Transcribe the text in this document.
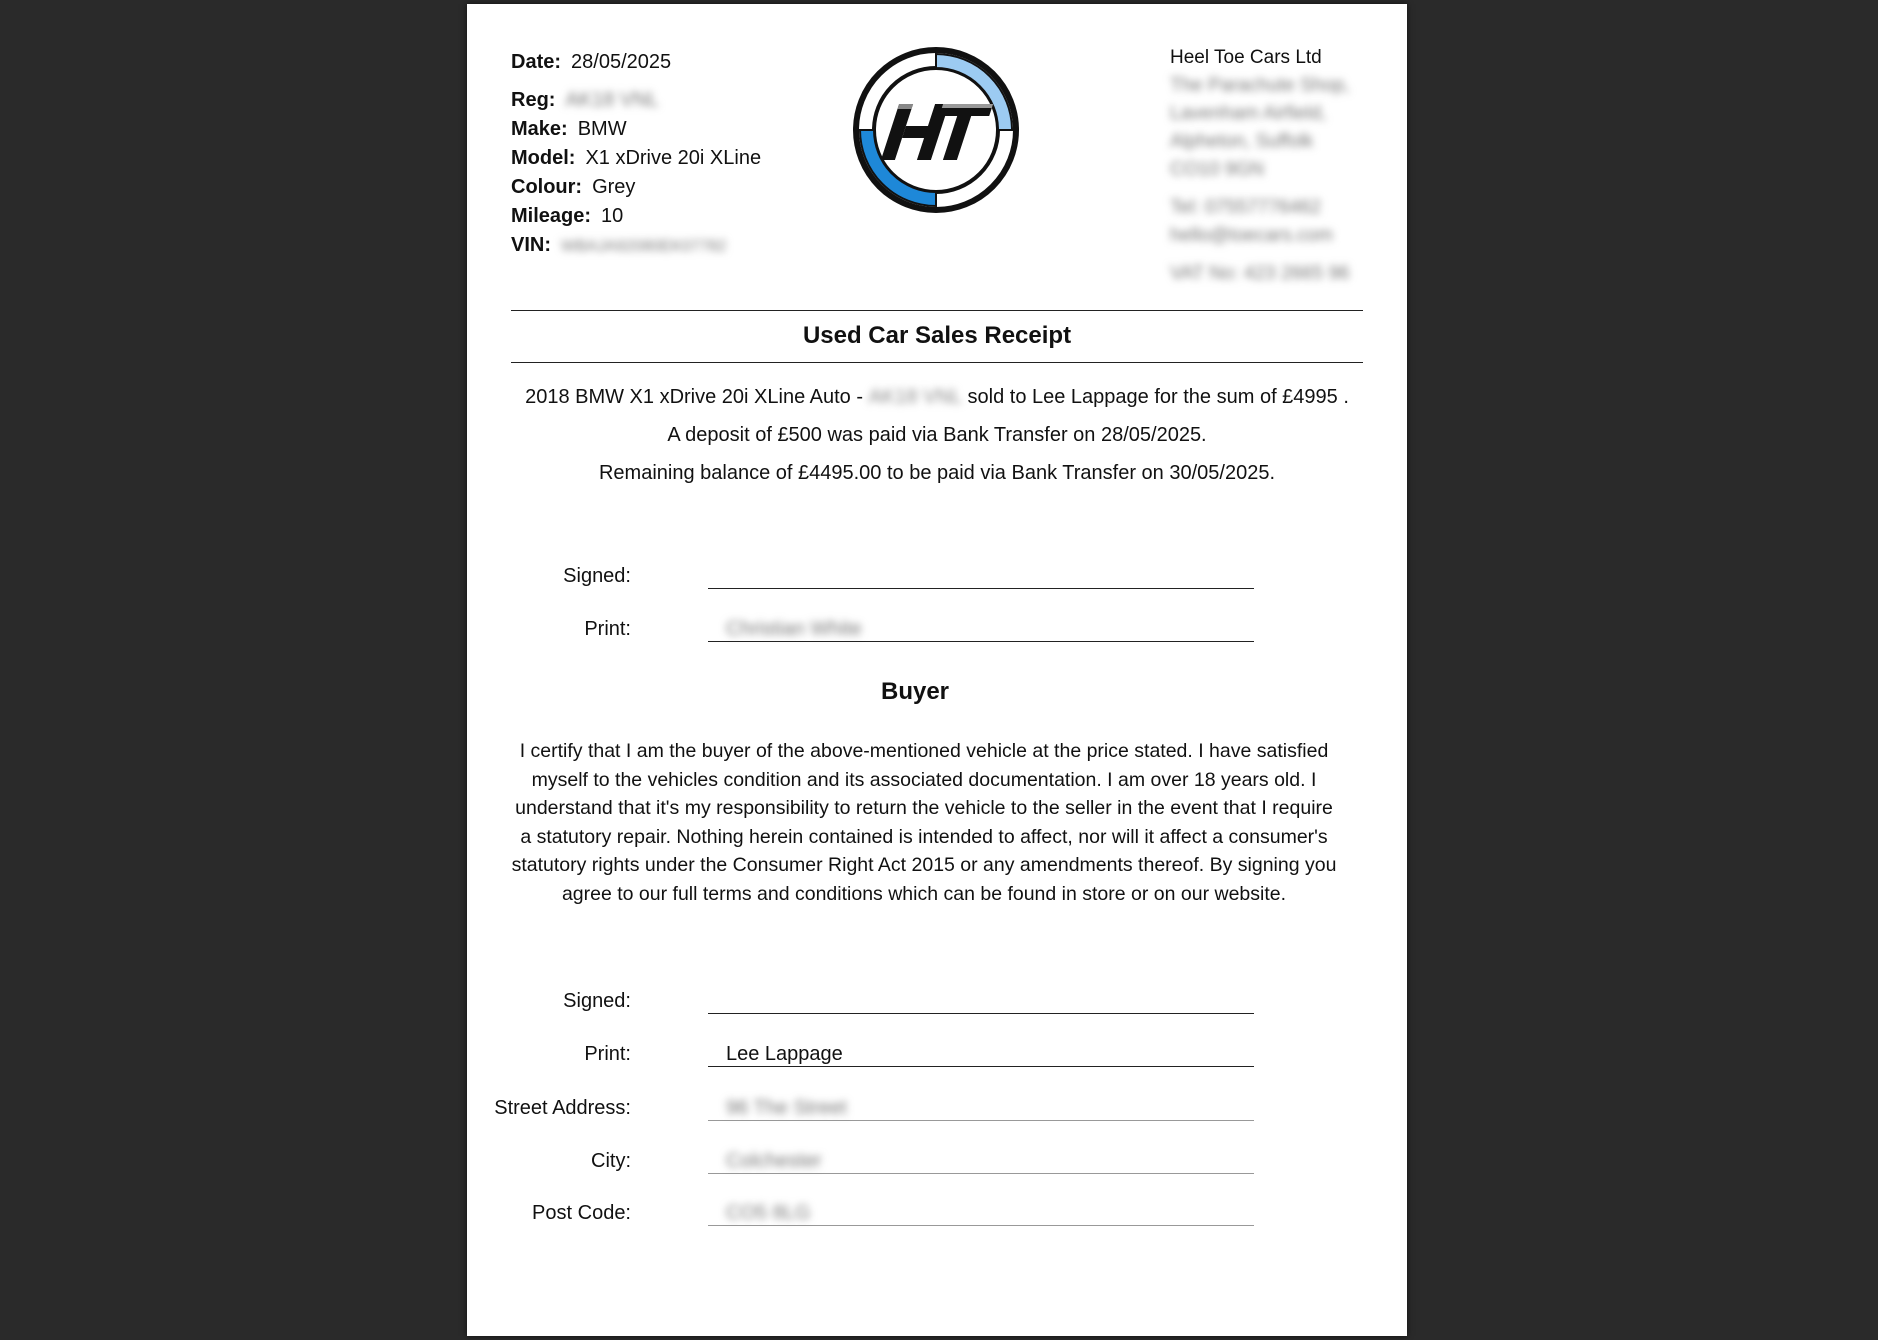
Date: 28/05/2025
Reg: AK18 VNL
Make: BMW
Model: X1 xDrive 20i XLine
Colour: Grey
Mileage: 10
VIN: WBAJA92080EK07782
Heel Toe Cars Ltd
The Parachute Shop,
Lavenham Airfield,
Alpheton, Suffolk
CO10 9GN
Tel: 07557776462
hello@toecars.com
VAT No: 423 2665 96
Used Car Sales Receipt
2018 BMW X1 xDrive 20i XLine Auto - AK18 VNL sold to Lee Lappage for the sum of £4995 .
A deposit of £500 was paid via Bank Transfer on 28/05/2025.
Remaining balance of £4495.00 to be paid via Bank Transfer on 30/05/2025.
Signed:
Print:	Christian White
Buyer
I certify that I am the buyer of the above-mentioned vehicle at the price stated. I have satisfied myself to the vehicles condition and its associated documentation. I am over 18 years old. I understand that it's my responsibility to return the vehicle to the seller in the event that I require a statutory repair. Nothing herein contained is intended to affect, nor will it affect a consumer's statutory rights under the Consumer Right Act 2015 or any amendments thereof. By signing you agree to our full terms and conditions which can be found in store or on our website.
Signed:
Print:	Lee Lappage
Street Address:	96 The Street
City:	Colchester
Post Code:	CO5 8LG
